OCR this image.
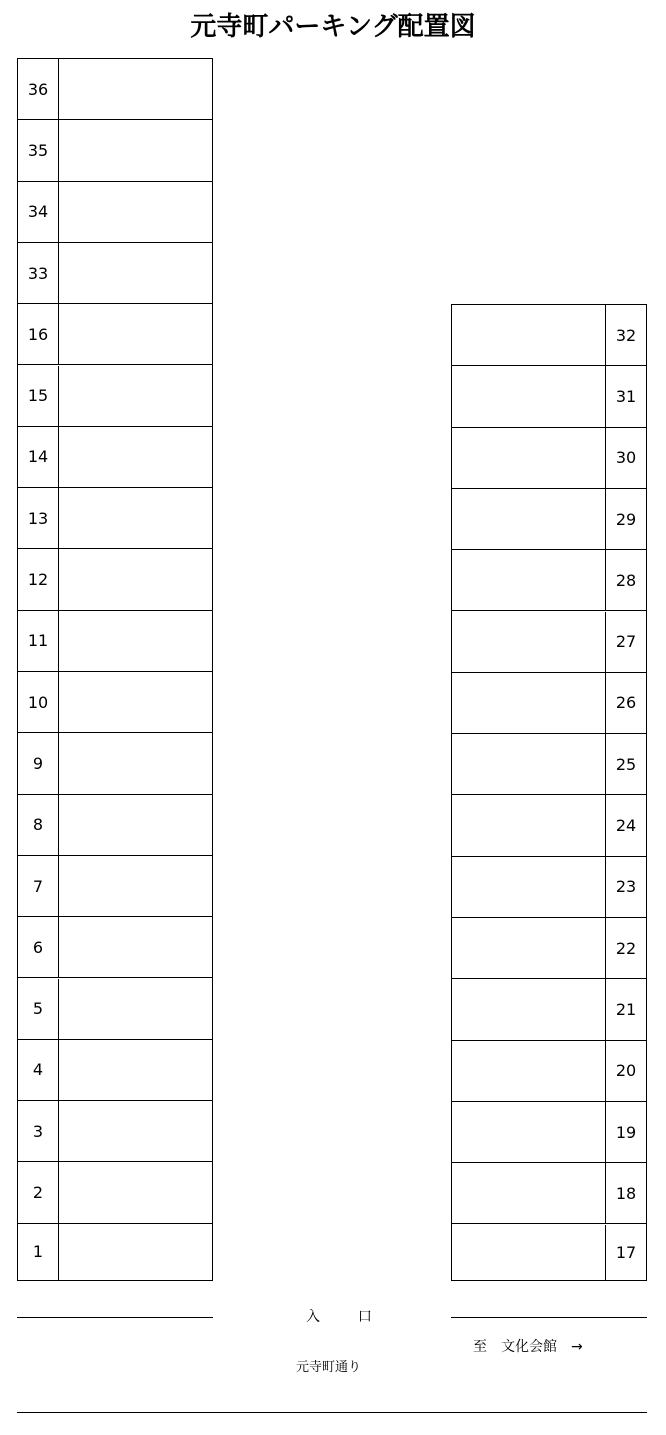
元寺町パーキング配置図
36
35
34
33
16
15
14
13
12
11
10
9
8
7
6
5
4
3
2
1
32
31
30
29
28
27
26
25
24
23
22
21
20
19
18
17
入	口
至　文化会館　→
元寺町通り
